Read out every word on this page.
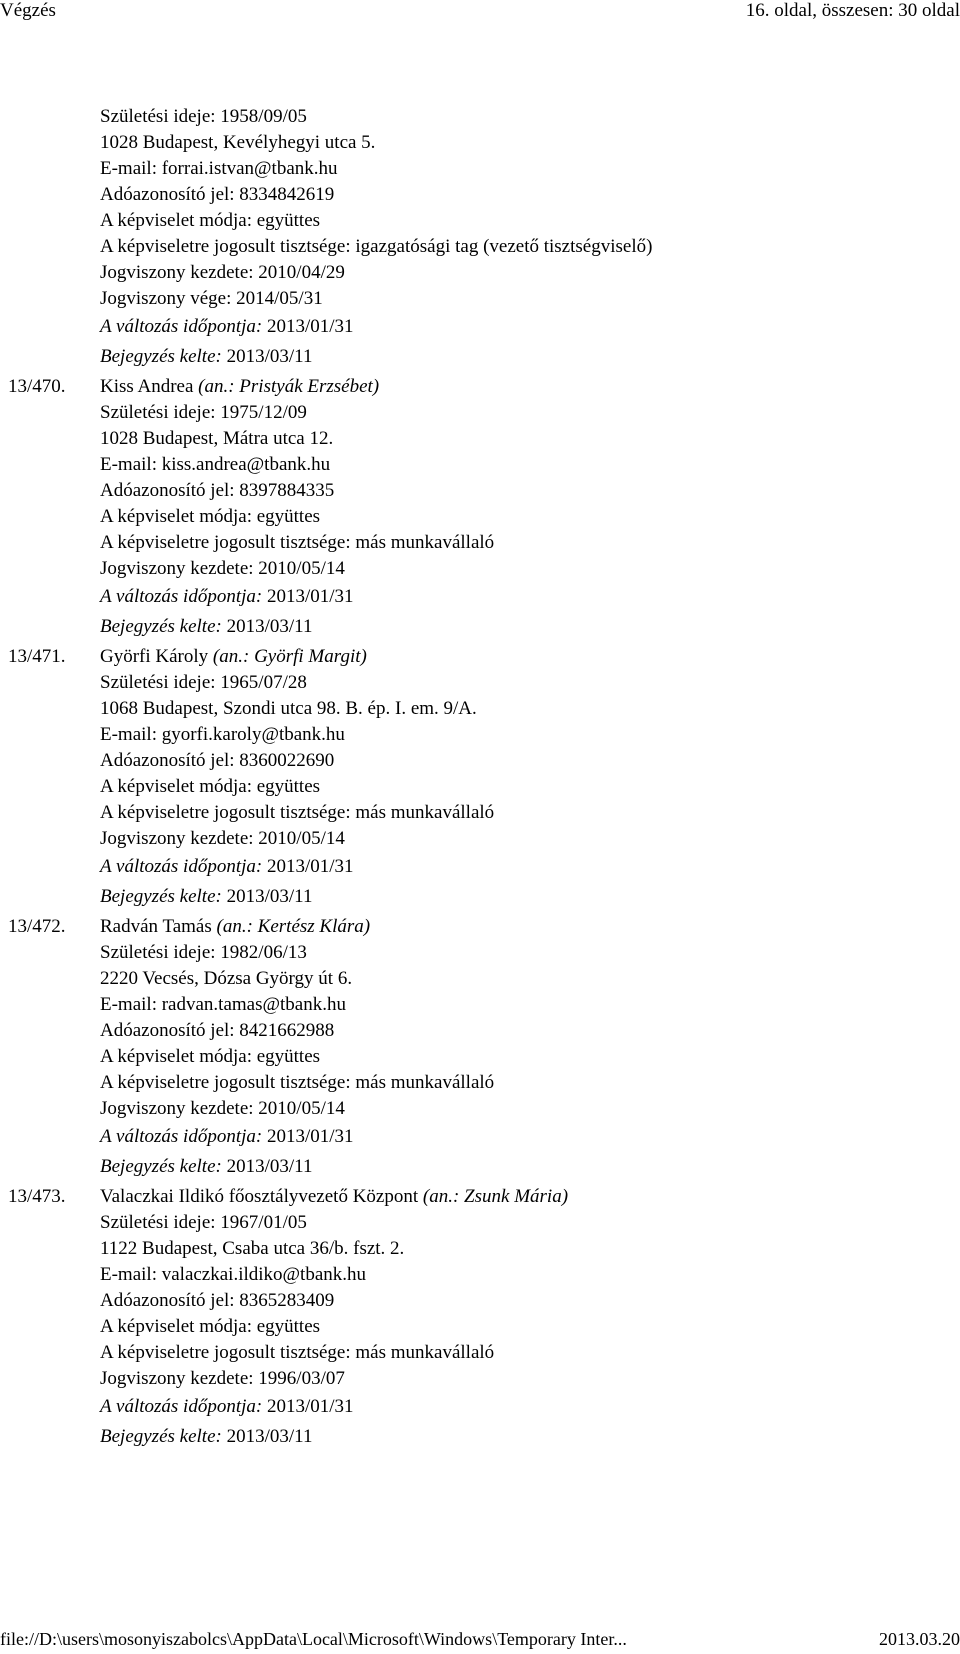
Végzés	16. oldal, összesen: 30 oldal
Születési ideje: 1958/09/05
1028 Budapest, Kevélyhegyi utca 5.
E-mail: forrai.istvan@tbank.hu
Adóazonosító jel: 8334842619
A képviselet módja: együttes
A képviseletre jogosult tisztsége: igazgatósági tag (vezető tisztségviselő)
Jogviszony kezdete: 2010/04/29
Jogviszony vége: 2014/05/31
A változás időpontja: 2013/01/31
Bejegyzés kelte: 2013/03/11
13/470. Kiss Andrea (an.: Pristyák Erzsébet)
Születési ideje: 1975/12/09
1028 Budapest, Mátra utca 12.
E-mail: kiss.andrea@tbank.hu
Adóazonosító jel: 8397884335
A képviselet módja: együttes
A képviseletre jogosult tisztsége: más munkavállaló
Jogviszony kezdete: 2010/05/14
A változás időpontja: 2013/01/31
Bejegyzés kelte: 2013/03/11
13/471. Györfi Károly (an.: Györfi Margit)
Születési ideje: 1965/07/28
1068 Budapest, Szondi utca 98. B. ép. I. em. 9/A.
E-mail: gyorfi.karoly@tbank.hu
Adóazonosító jel: 8360022690
A képviselet módja: együttes
A képviseletre jogosult tisztsége: más munkavállaló
Jogviszony kezdete: 2010/05/14
A változás időpontja: 2013/01/31
Bejegyzés kelte: 2013/03/11
13/472. Radván Tamás (an.: Kertész Klára)
Születési ideje: 1982/06/13
2220 Vecsés, Dózsa György út 6.
E-mail: radvan.tamas@tbank.hu
Adóazonosító jel: 8421662988
A képviselet módja: együttes
A képviseletre jogosult tisztsége: más munkavállaló
Jogviszony kezdete: 2010/05/14
A változás időpontja: 2013/01/31
Bejegyzés kelte: 2013/03/11
13/473. Valaczkai Ildikó főosztályvezető Központ (an.: Zsunk Mária)
Születési ideje: 1967/01/05
1122 Budapest, Csaba utca 36/b. fszt. 2.
E-mail: valaczkai.ildiko@tbank.hu
Adóazonosító jel: 8365283409
A képviselet módja: együttes
A képviseletre jogosult tisztsége: más munkavállaló
Jogviszony kezdete: 1996/03/07
A változás időpontja: 2013/01/31
Bejegyzés kelte: 2013/03/11
file://D:\users\mosonyiszabolcs\AppData\Local\Microsoft\Windows\Temporary Inter...	2013.03.20
